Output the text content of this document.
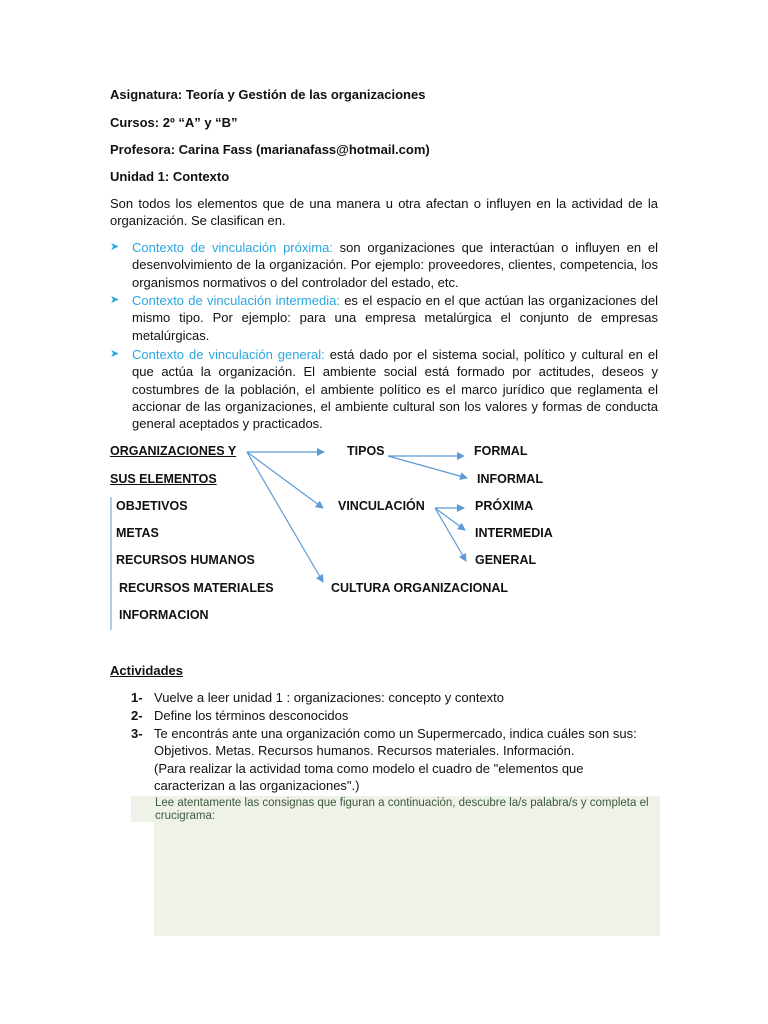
Asignatura: Teoría y Gestión de las organizaciones
Cursos: 2º “A” y “B”
Profesora: Carina Fass (marianafass@hotmail.com)
Unidad 1: Contexto
Son todos los elementos que de una manera u otra afectan o influyen en la actividad de la organización. Se clasifican en.
➤ Contexto de vinculación próxima: son organizaciones que interactúan o influyen en el desenvolvimiento de la organización. Por ejemplo: proveedores, clientes, competencia, los organismos normativos o del controlador del estado, etc.
➤ Contexto de vinculación intermedia: es el espacio en el que actúan las organizaciones del mismo tipo. Por ejemplo: para una empresa metalúrgica el conjunto de empresas metalúrgicas.
➤ Contexto de vinculación general: está dado por el sistema social, político y cultural en el que actúa la organización. El ambiente social está formado por actitudes, deseos y costumbres de la población, el ambiente político es el marco jurídico que reglamenta el accionar de las organizaciones, el ambiente cultural son los valores y formas de conducta general aceptados y practicados.
ORGANIZACIONES Y
SUS ELEMENTOS
OBJETIVOS
METAS
RECURSOS HUMANOS
RECURSOS MATERIALES
INFORMACION
TIPOS
VINCULACIÓN
CULTURA ORGANIZACIONAL
FORMAL
INFORMAL
PRÓXIMA
INTERMEDIA
GENERAL
Actividades
1- Vuelve a leer unidad 1 : organizaciones: concepto y contexto
2- Define los términos desconocidos
3- Te encontrás ante una organización como un Supermercado, indica cuáles son sus:
Objetivos. Metas. Recursos humanos. Recursos materiales. Información.
(Para realizar la actividad toma como modelo el cuadro de "elementos que
caracterizan a las organizaciones".)
Lee atentamente las consignas que figuran a continuación, descubre la/s palabra/s y completa el crucigrama:
